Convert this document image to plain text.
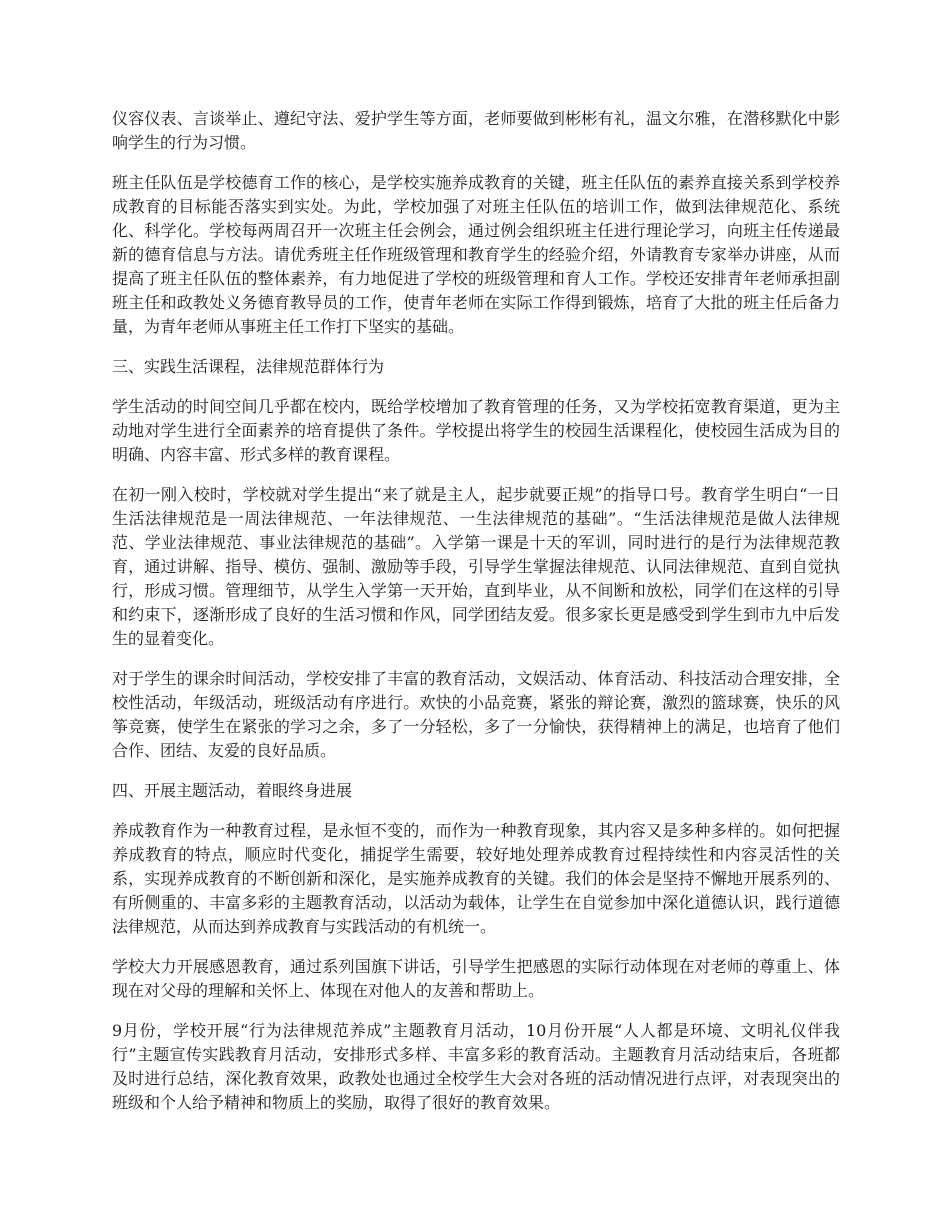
仪容仪表、言谈举止、遵纪守法、爱护学生等方面，老师要做到彬彬有礼，温文尔雅，在潜移默化中影响学生的行为习惯。

班主任队伍是学校德育工作的核心，是学校实施养成教育的关键，班主任队伍的素养直接关系到学校养成教育的目标能否落实到实处。为此，学校加强了对班主任队伍的培训工作，做到法律规范化、系统化、科学化。学校每两周召开一次班主任会例会，通过例会组织班主任进行理论学习，向班主任传递最新的德育信息与方法。请优秀班主任作班级管理和教育学生的经验介绍，外请教育专家举办讲座，从而提高了班主任队伍的整体素养，有力地促进了学校的班级管理和育人工作。学校还安排青年老师承担副班主任和政教处义务德育教导员的工作，使青年老师在实际工作得到锻炼，培育了大批的班主任后备力量，为青年老师从事班主任工作打下坚实的基础。

三、实践生活课程，法律规范群体行为

学生活动的时间空间几乎都在校内，既给学校增加了教育管理的任务，又为学校拓宽教育渠道，更为主动地对学生进行全面素养的培育提供了条件。学校提出将学生的校园生活课程化，使校园生活成为目的明确、内容丰富、形式多样的教育课程。

在初一刚入校时，学校就对学生提出“来了就是主人，起步就要正规”的指导口号。教育学生明白“一日生活法律规范是一周法律规范、一年法律规范、一生法律规范的基础”。“生活法律规范是做人法律规范、学业法律规范、事业法律规范的基础”。入学第一课是十天的军训，同时进行的是行为法律规范教育，通过讲解、指导、模仿、强制、激励等手段，引导学生掌握法律规范、认同法律规范、直到自觉执行，形成习惯。管理细节，从学生入学第一天开始，直到毕业，从不间断和放松，同学们在这样的引导和约束下，逐渐形成了良好的生活习惯和作风，同学团结友爱。很多家长更是感受到学生到市九中后发生的显着变化。

对于学生的课余时间活动，学校安排了丰富的教育活动，文娱活动、体育活动、科技活动合理安排，全校性活动，年级活动，班级活动有序进行。欢快的小品竞赛，紧张的辩论赛，激烈的篮球赛，快乐的风筝竞赛，使学生在紧张的学习之余，多了一分轻松，多了一分愉快，获得精神上的满足，也培育了他们合作、团结、友爱的良好品质。

四、开展主题活动，着眼终身进展

养成教育作为一种教育过程，是永恒不变的，而作为一种教育现象，其内容又是多种多样的。如何把握养成教育的特点，顺应时代变化，捕捉学生需要，较好地处理养成教育过程持续性和内容灵活性的关系，实现养成教育的不断创新和深化，是实施养成教育的关键。我们的体会是坚持不懈地开展系列的、有所侧重的、丰富多彩的主题教育活动，以活动为载体，让学生在自觉参加中深化道德认识，践行道德法律规范，从而达到养成教育与实践活动的有机统一。

学校大力开展感恩教育，通过系列国旗下讲话，引导学生把感恩的实际行动体现在对老师的尊重上、体现在对父母的理解和关怀上、体现在对他人的友善和帮助上。

9月份，学校开展“行为法律规范养成”主题教育月活动，10月份开展“人人都是环境、文明礼仪伴我行”主题宣传实践教育月活动，安排形式多样、丰富多彩的教育活动。主题教育月活动结束后，各班都及时进行总结，深化教育效果，政教处也通过全校学生大会对各班的活动情况进行点评，对表现突出的班级和个人给予精神和物质上的奖励，取得了很好的教育效果。
